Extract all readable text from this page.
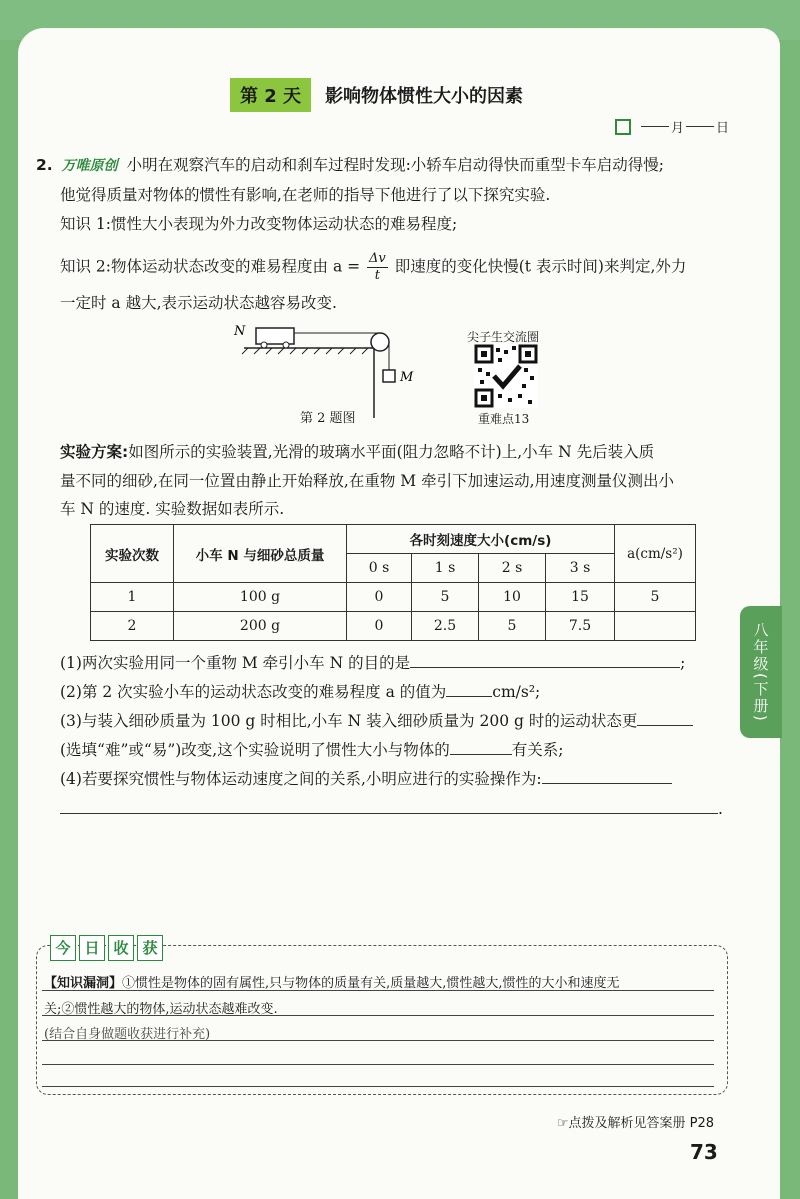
第 2 天	影响物体惯性大小的因素
月 日
2. 万唯原创 小明在观察汽车的启动和刹车过程时发现:小轿车启动得快而重型卡车启动得慢;
他觉得质量对物体的惯性有影响,在老师的指导下他进行了以下探究实验.
知识 1:惯性大小表现为外力改变物体运动状态的难易程度;
知识 2:物体运动状态改变的难易程度由 $a = \frac{\Delta v}{t}$ 即速度的变化快慢(t 表示时间)来判定,外力
一定时 a 越大,表示运动状态越容易改变.
N
M
第 2 题图
尖子生交流圈
重难点13
实验方案:如图所示的实验装置,光滑的玻璃水平面(阻力忽略不计)上,小车 N 先后装入质
量不同的细砂,在同一位置由静止开始释放,在重物 M 牵引下加速运动,用速度测量仪测出小
车 N 的速度. 实验数据如表所示.
实验次数	小车 N 与细砂总质量	各时刻速度大小(cm/s)				a(cm/s²)
		0 s	1 s	2 s	3 s	
1	100 g	0	5	10	15	5
2	200 g	0	2.5	5	7.5	
(1)两次实验用同一个重物 M 牵引小车 N 的目的是	;
(2)第 2 次实验小车的运动状态改变的难易程度 a 的值为	cm/s²;
(3)与装入细砂质量为 100 g 时相比,小车 N 装入细砂质量为 200 g 时的运动状态更
(选填“难”或“易”)改变,这个实验说明了惯性大小与物体的	有关系;
(4)若要探究惯性与物体运动速度之间的关系,小明应进行的实验操作为:
.
八年级(下册)
今 日 收 获
【知识漏洞】①惯性是物体的固有属性,只与物体的质量有关,质量越大,惯性越大,惯性的大小和速度无
关;②惯性越大的物体,运动状态越难改变.
(结合自身做题收获进行补充)
☞点拨及解析见答案册 P28
73
